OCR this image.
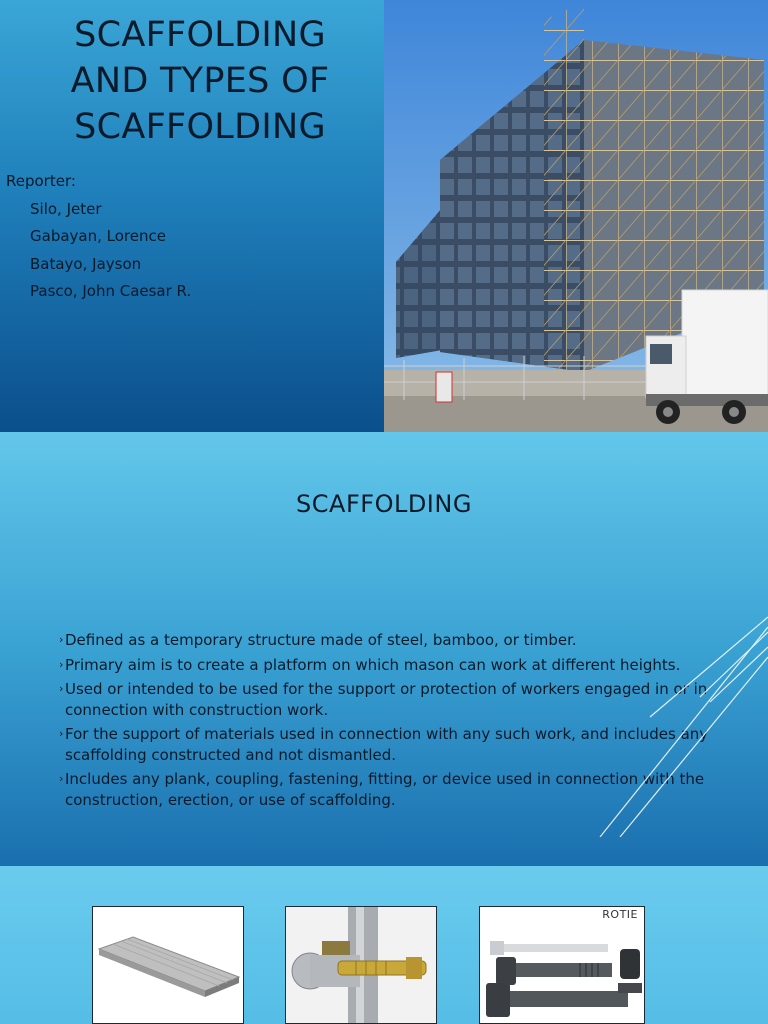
SCAFFOLDING
AND TYPES OF
SCAFFOLDING
Reporter:
Silo, Jeter
Gabayan, Lorence
Batayo, Jayson
Pasco, John Caesar R.
SCAFFOLDING
› Defined as a temporary structure made of steel, bamboo, or timber.
› Primary aim is to create a platform on which mason can work at different heights.
› Used or intended to be used for the support or protection of workers engaged in or in connection with construction work.
› For the support of materials used in connection with any such work, and includes any scaffolding constructed and not dismantled.
› Includes any plank, coupling, fastening, fitting, or device used in connection with the construction, erection, or use of scaffolding.
ROTIE
